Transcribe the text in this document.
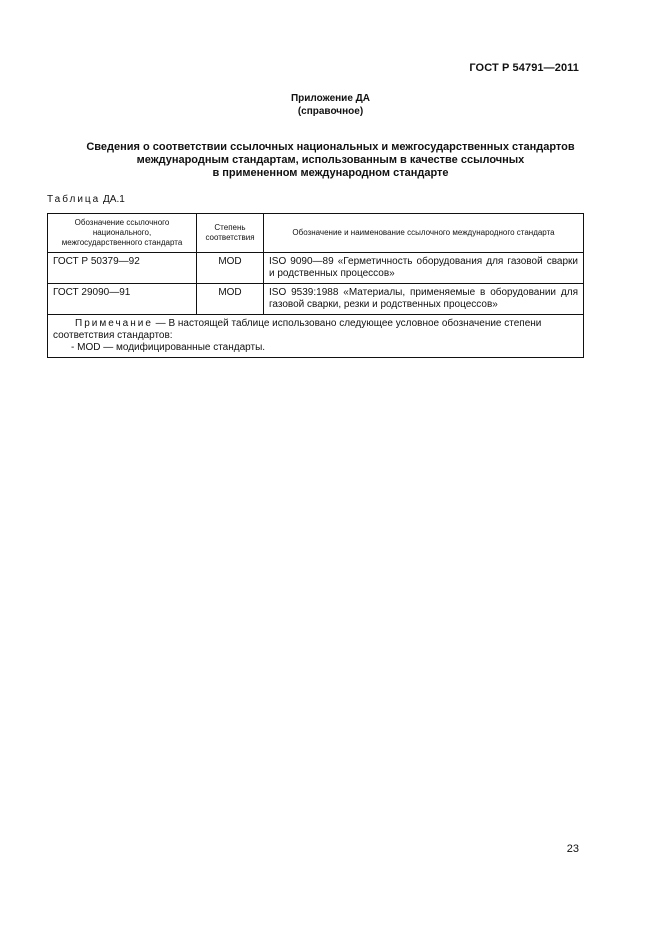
ГОСТ Р 54791—2011
Приложение ДА
(справочное)
Сведения о соответствии ссылочных национальных и межгосударственных стандартов
международным стандартам, использованным в качестве ссылочных
в примененном международном стандарте
Таблица ДА.1
Обозначение ссылочного национального, межгосударственного стандарта	Степень соответствия	Обозначение и наименование ссылочного международного стандарта
ГОСТ Р 50379—92	MOD	ISO 9090—89 «Герметичность оборудования для газовой сварки и родственных процессов»
ГОСТ 29090—91	MOD	ISO 9539:1988 «Материалы, применяемые в оборудовании для газовой сварки, резки и родственных процессов»
Примечание — В настоящей таблице использовано следующее условное обозначение степени соответствия стандартов:
- MOD — модифицированные стандарты.		
23
